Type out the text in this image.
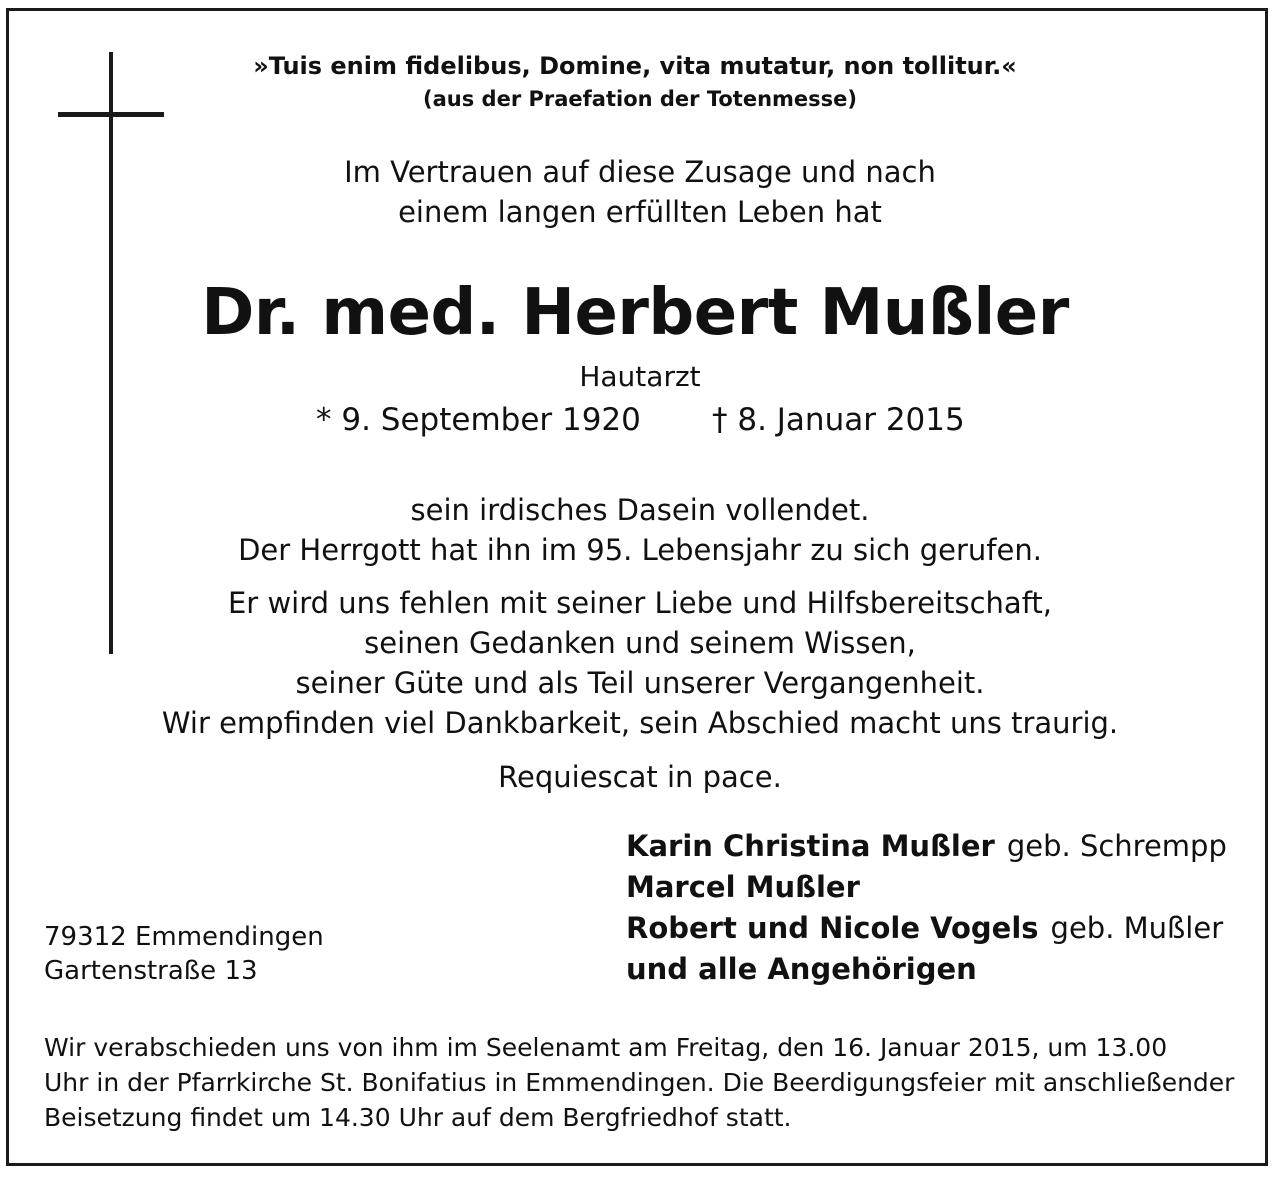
»Tuis enim fidelibus, Domine, vita mutatur, non tollitur.«
(aus der Praefation der Totenmesse)
Im Vertrauen auf diese Zusage und nach
einem langen erfüllten Leben hat
Dr. med. Herbert Mußler
Hautarzt
* 9. September 1920 † 8. Januar 2015
sein irdisches Dasein vollendet.
Der Herrgott hat ihn im 95. Lebensjahr zu sich gerufen.
Er wird uns fehlen mit seiner Liebe und Hilfsbereitschaft,
seinen Gedanken und seinem Wissen,
seiner Güte und als Teil unserer Vergangenheit.
Wir empfinden viel Dankbarkeit, sein Abschied macht uns traurig.
Requiescat in pace.
Karin Christina Mußler geb. Schrempp
Marcel Mußler
Robert und Nicole Vogels geb. Mußler
und alle Angehörigen
79312 Emmendingen
Gartenstraße 13
Wir verabschieden uns von ihm im Seelenamt am Freitag, den 16. Januar 2015, um 13.00
Uhr in der Pfarrkirche St. Bonifatius in Emmendingen. Die Beerdigungsfeier mit anschließender
Beisetzung findet um 14.30 Uhr auf dem Bergfriedhof statt.
